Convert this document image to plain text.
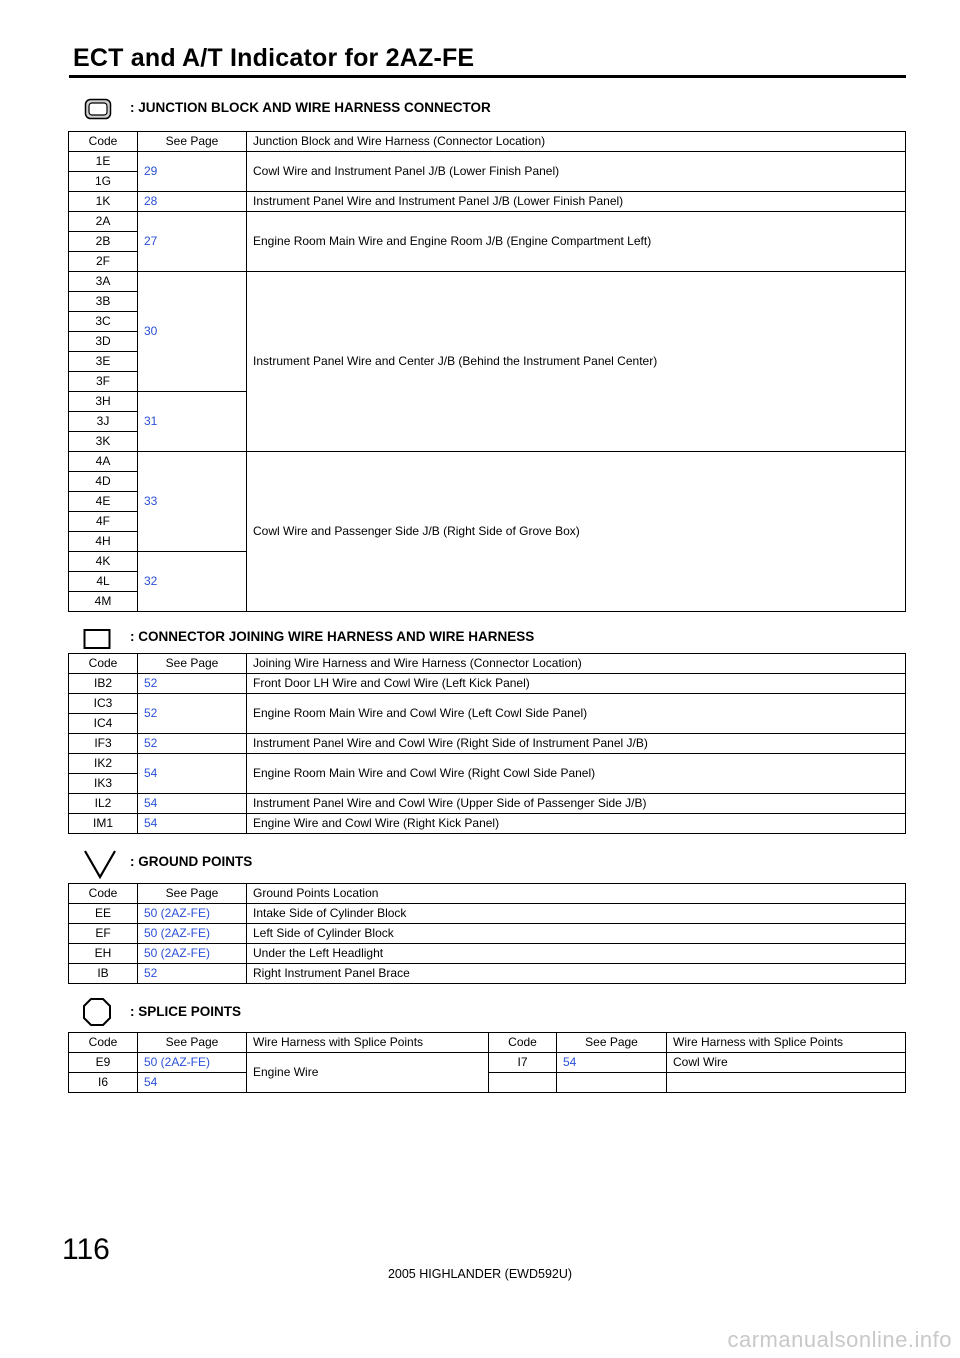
ECT and A/T Indicator for 2AZ-FE
: JUNCTION BLOCK AND WIRE HARNESS CONNECTOR
Code	See Page	Junction Block and Wire Harness (Connector Location)
1E	29	Cowl Wire and Instrument Panel J/B (Lower Finish Panel)
1G		
1K	28	Instrument Panel Wire and Instrument Panel J/B (Lower Finish Panel)
2A	27	Engine Room Main Wire and Engine Room J/B (Engine Compartment Left)
2B		
2F		
3A	30	Instrument Panel Wire and Center J/B (Behind the Instrument Panel Center)
3B		
3C		
3D		
3E		
3F		
3H	31	
3J		
3K		
4A	33	Cowl Wire and Passenger Side J/B (Right Side of Grove Box)
4D		
4E		
4F		
4H		
4K	32	
4L		
4M		
: CONNECTOR JOINING WIRE HARNESS AND WIRE HARNESS
Code	See Page	Joining Wire Harness and Wire Harness (Connector Location)
IB2	52	Front Door LH Wire and Cowl Wire (Left Kick Panel)
IC3	52	Engine Room Main Wire and Cowl Wire (Left Cowl Side Panel)
IC4		
IF3	52	Instrument Panel Wire and Cowl Wire (Right Side of Instrument Panel J/B)
IK2	54	Engine Room Main Wire and Cowl Wire (Right Cowl Side Panel)
IK3		
IL2	54	Instrument Panel Wire and Cowl Wire (Upper Side of Passenger Side J/B)
IM1	54	Engine Wire and Cowl Wire (Right Kick Panel)
: GROUND POINTS
Code	See Page	Ground Points Location
EE	50 (2AZ-FE)	Intake Side of Cylinder Block
EF	50 (2AZ-FE)	Left Side of Cylinder Block
EH	50 (2AZ-FE)	Under the Left Headlight
IB	52	Right Instrument Panel Brace
: SPLICE POINTS
Code	See Page	Wire Harness with Splice Points	Code	See Page	Wire Harness with Splice Points
E9	50 (2AZ-FE)	Engine Wire	I7	54	Cowl Wire
I6	54				
116
2005 HIGHLANDER (EWD592U)
carmanualsonline.info
